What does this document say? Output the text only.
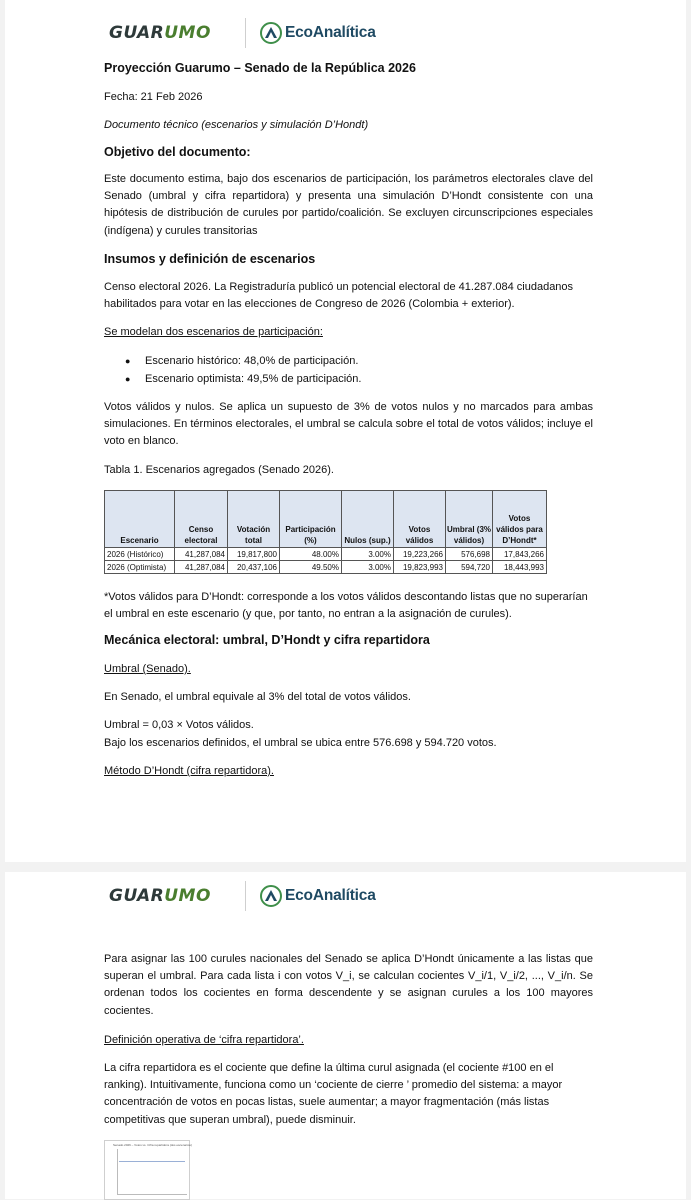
GUAR UMO	EcoAnalítica
Proyección Guarumo – Senado de la República 2026
Fecha: 21 Feb 2026
Documento técnico (escenarios y simulación D’Hondt)
Objetivo del documento:
Este documento estima, bajo dos escenarios de participación, los parámetros electorales clave del Senado (umbral y cifra repartidora) y presenta una simulación D’Hondt consistente con una hipótesis de distribución de curules por partido/coalición. Se excluyen circunscripciones especiales (indígena) y curules transitorias
Insumos y definición de escenarios
Censo electoral 2026. La Registraduría publicó un potencial electoral de 41.287.084 ciudadanos habilitados para votar en las elecciones de Congreso de 2026 (Colombia + exterior).
Se modelan dos escenarios de participación:
● Escenario histórico: 48,0% de participación.
● Escenario optimista: 49,5% de participación.
Votos válidos y nulos. Se aplica un supuesto de 3% de votos nulos y no marcados para ambas simulaciones. En términos electorales, el umbral se calcula sobre el total de votos válidos; incluye el voto en blanco.
Tabla 1. Escenarios agregados (Senado 2026).
Escenario	Censo electoral	Votación total	Participación (%)	Nulos (sup.)	Votos válidos	Umbral (3% válidos)	Votos válidos para D’Hondt*
2026 (Histórico)	41,287,084	19,817,800	48.00%	3.00%	19,223,266	576,698	17,843,266
2026 (Optimista)	41,287,084	20,437,106	49.50%	3.00%	19,823,993	594,720	18,443,993
*Votos válidos para D’Hondt: corresponde a los votos válidos descontando listas que no superarían el umbral en este escenario (y que, por tanto, no entran a la asignación de curules).
Mecánica electoral: umbral, D’Hondt y cifra repartidora
Umbral (Senado).
En Senado, el umbral equivale al 3% del total de votos válidos.
Umbral = 0,03 × Votos válidos.
Bajo los escenarios definidos, el umbral se ubica entre 576.698 y 594.720 votos.
Método D’Hondt (cifra repartidora).
GUAR UMO	EcoAnalítica
Para asignar las 100 curules nacionales del Senado se aplica D’Hondt únicamente a las listas que superan el umbral. Para cada lista i con votos V_i, se calculan cocientes V_i/1, V_i/2, ..., V_i/n. Se ordenan todos los cocientes en forma descendente y se asignan curules a los 100 mayores cocientes.
Definición operativa de ‘cifra repartidora’.
La cifra repartidora es el cociente que define la última curul asignada (el cociente #100 en el ranking). Intuitivamente, funciona como un ‘cociente de cierre ’ promedio del sistema: a mayor concentración de votos en pocas listas, suele aumentar; a mayor fragmentación (más listas competitivas que superan umbral), puede disminuir.
Senado 2026 – Votos vs. Cifra repartidora (dos escenarios)
